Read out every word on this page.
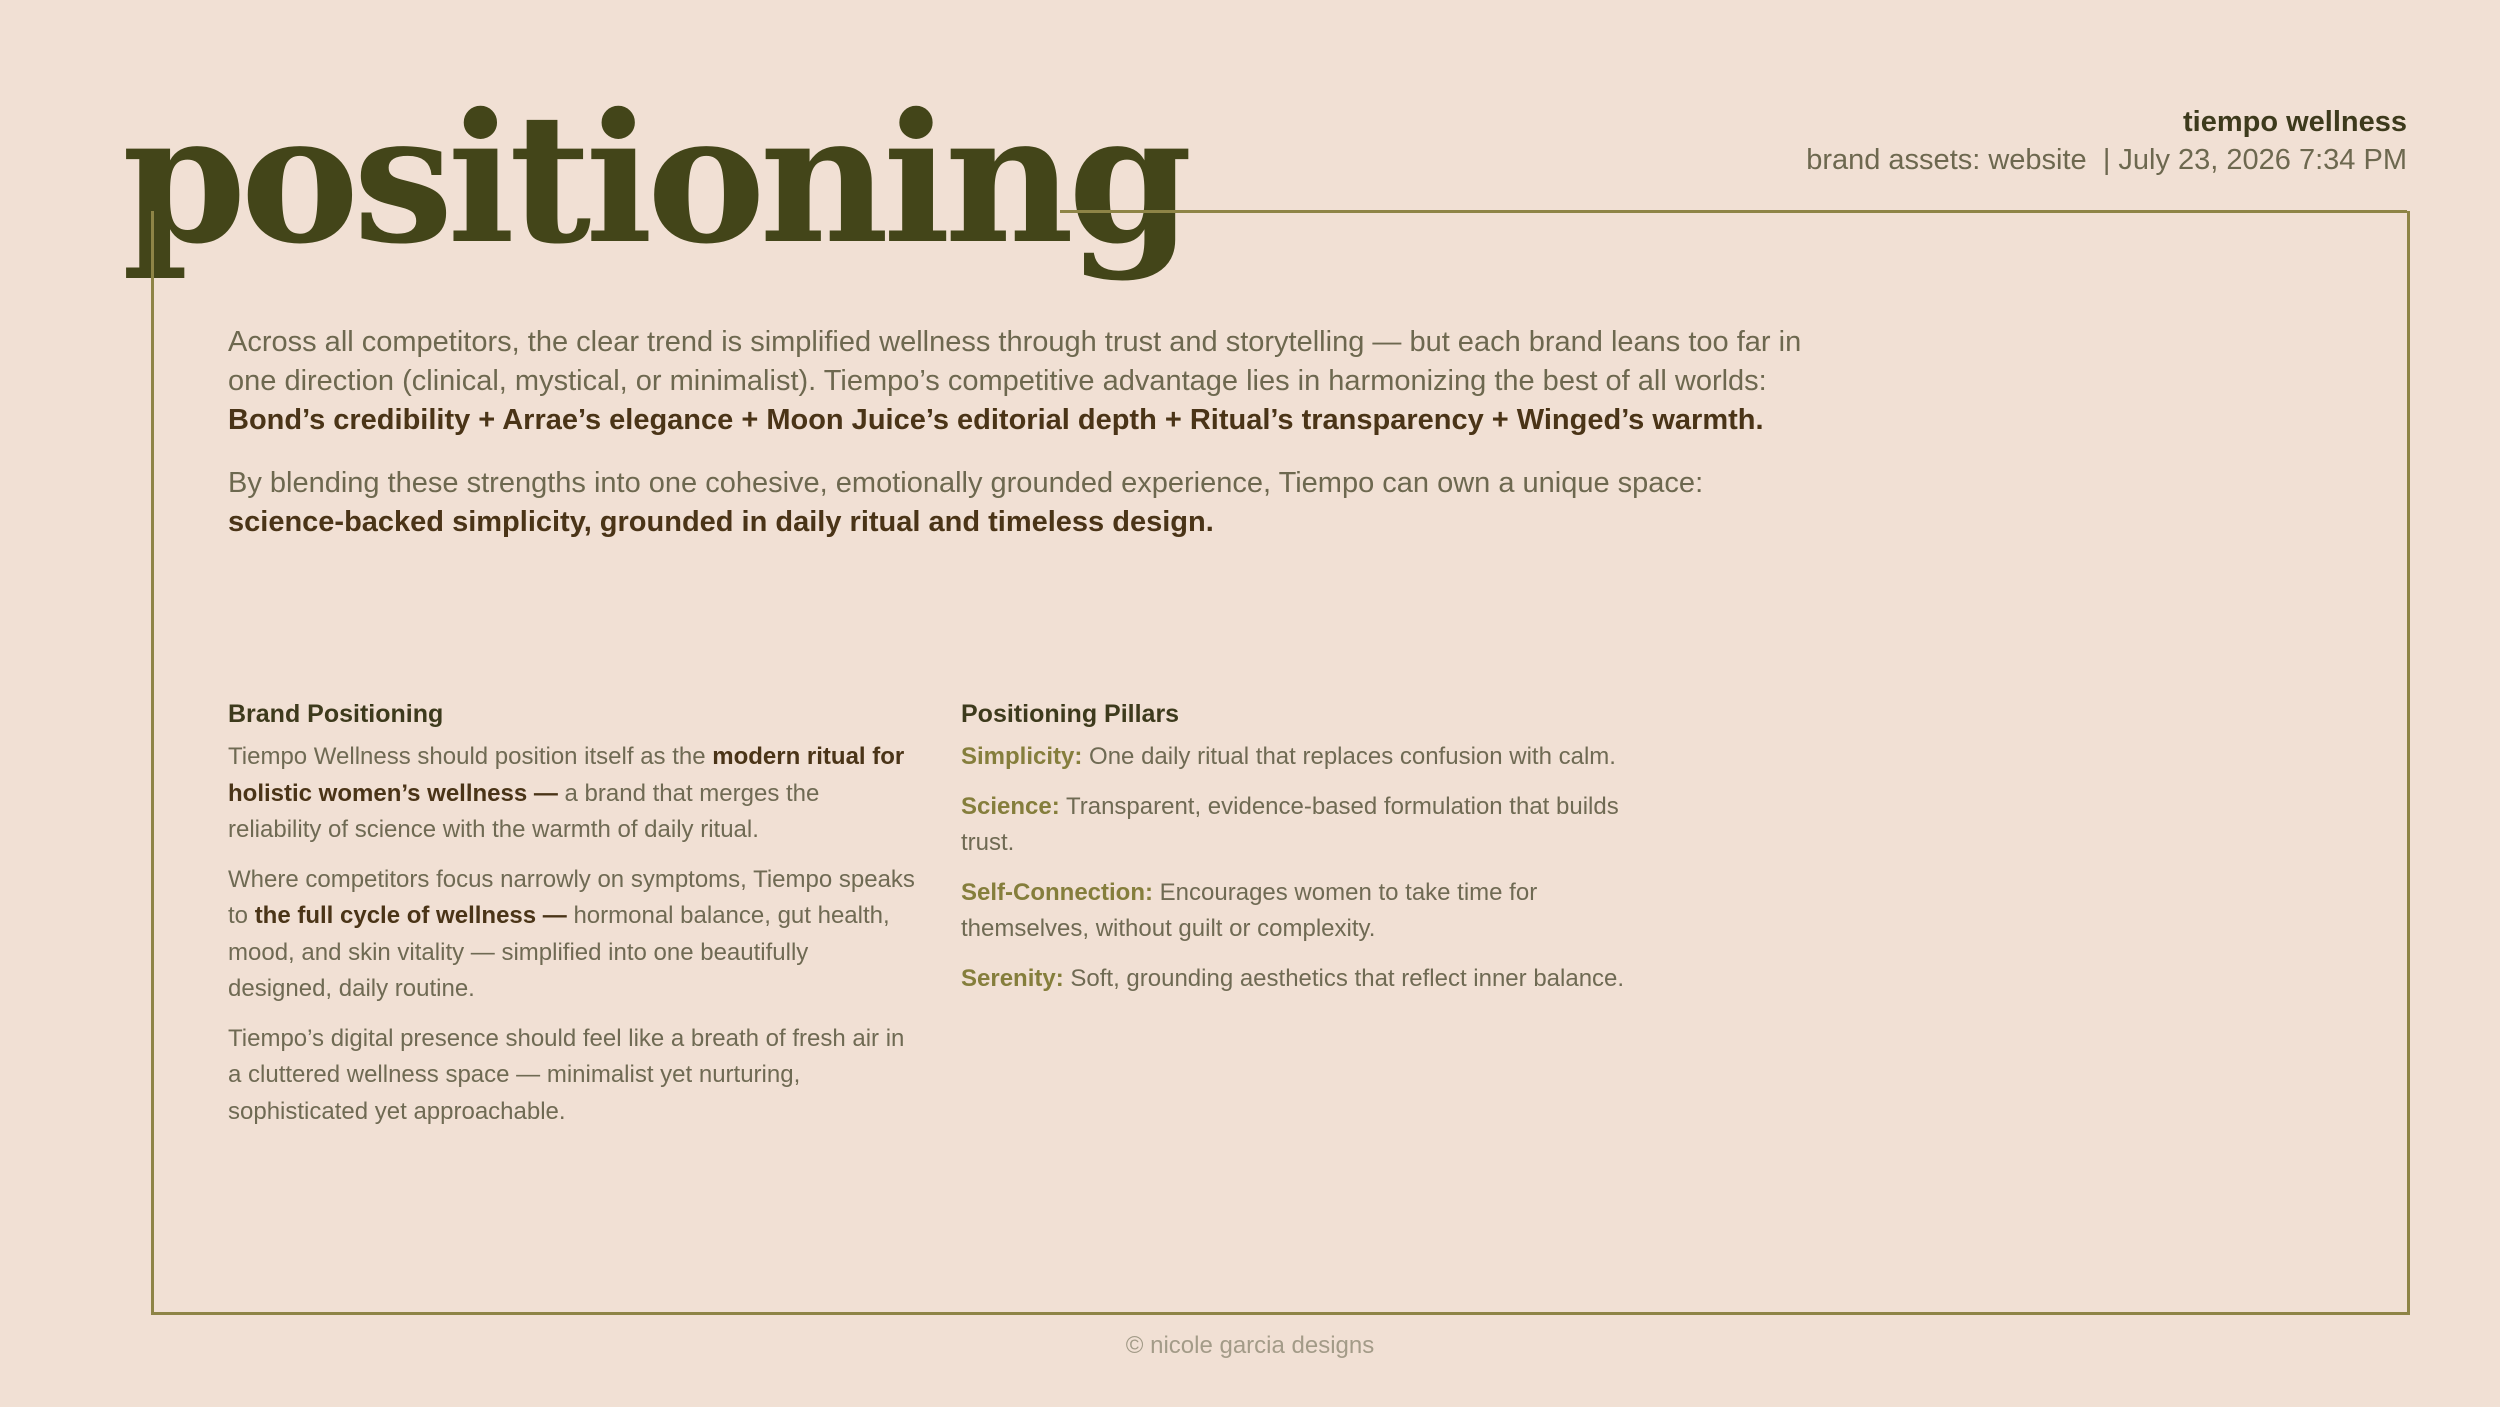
positioning	tiempo wellness
brand assets: website | July 23, 2026 7:34 PM

Across all competitors, the clear trend is simplified wellness through trust and storytelling — but each brand leans too far in one direction (clinical, mystical, or minimalist). Tiempo’s competitive advantage lies in harmonizing the best of all worlds:

Bond’s credibility + Arrae’s elegance + Moon Juice’s editorial depth + Ritual’s transparency + Winged’s warmth.

By blending these strengths into one cohesive, emotionally grounded experience, Tiempo can own a unique space:

science-backed simplicity, grounded in daily ritual and timeless design.

Brand Positioning

Tiempo Wellness should position itself as the modern ritual for holistic women’s wellness — a brand that merges the reliability of science with the warmth of daily ritual.

Where competitors focus narrowly on symptoms, Tiempo speaks to the full cycle of wellness — hormonal balance, gut health, mood, and skin vitality — simplified into one beautifully designed, daily routine.

Tiempo’s digital presence should feel like a breath of fresh air in a cluttered wellness space — minimalist yet nurturing, sophisticated yet approachable.

Positioning Pillars

Simplicity: One daily ritual that replaces confusion with calm.

Science: Transparent, evidence-based formulation that builds trust.

Self-Connection: Encourages women to take time for themselves, without guilt or complexity.

Serenity: Soft, grounding aesthetics that reflect inner balance.

© nicole garcia designs
